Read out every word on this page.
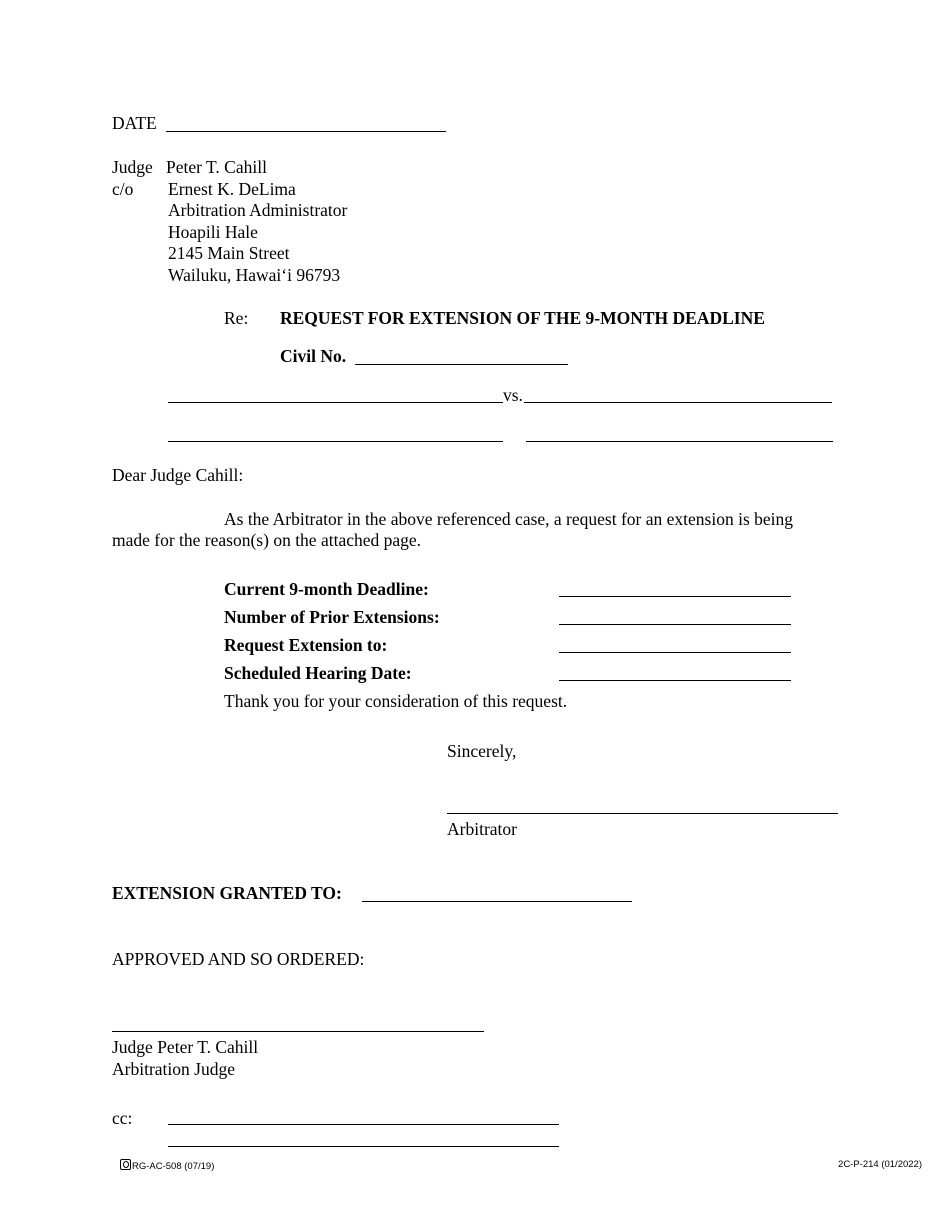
DATE
Judge Peter T. Cahill
c/o Ernest K. DeLima
Arbitration Administrator
Hoapili Hale
2145 Main Street
Wailuku, Hawai‘i 96793
Re: REQUEST FOR EXTENSION OF THE 9-MONTH DEADLINE
Civil No.
vs.
Dear Judge Cahill:
As the Arbitrator in the above referenced case, a request for an extension is being
made for the reason(s) on the attached page.
Current 9-month Deadline:
Number of Prior Extensions:
Request Extension to:
Scheduled Hearing Date:
Thank you for your consideration of this request.
Sincerely,
Arbitrator
EXTENSION GRANTED TO:
APPROVED AND SO ORDERED:
Judge Peter T. Cahill
Arbitration Judge
cc:
RG-AC-508 (07/19)	2C-P-214 (01/2022)
